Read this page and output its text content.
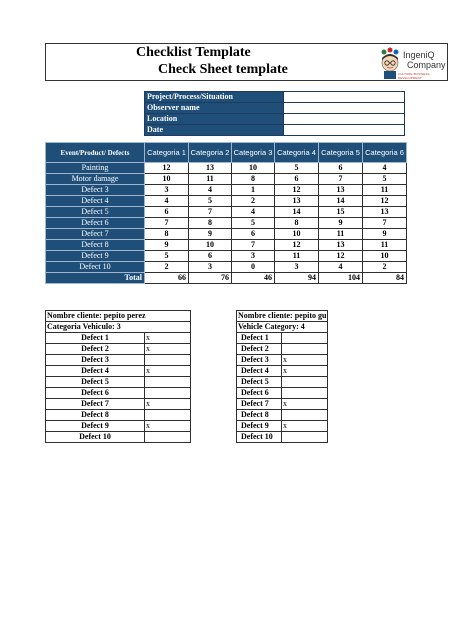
Checklist Template
Check Sheet template
IngeniQ
Company
CULTURE BUSINESS DEVELOPMENT
Project/Process/Situation	
Observer name	
Location	
Date	
Event/Product/ Defects	Categoria 1	Categoria 2	Categoria 3	Categoria 4	Categoria 5	Categoria 6
Painting	12	13	10	5	6	4
Motor damage	10	11	8	6	7	5
Defect 3	3	4	1	12	13	11
Defect 4	4	5	2	13	14	12
Defect 5	6	7	4	14	15	13
Defect 6	7	8	5	8	9	7
Defect 7	8	9	6	10	11	9
Defect 8	9	10	7	12	13	11
Defect 9	5	6	3	11	12	10
Defect 10	2	3	0	3	4	2
Total	66	76	46	94	104	84
Nombre cliente: pepito perez	
Categoria Vehiculo: 3	
Defect 1	x
Defect 2	x
Defect 3	
Defect 4	x
Defect 5	
Defect 6	
Defect 7	x
Defect 8	
Defect 9	x
Defect 10	
Nombre cliente: pepito gu	
Vehicle Category: 4	
Defect 1	
Defect 2	
Defect 3	x
Defect 4	x
Defect 5	
Defect 6	
Defect 7	x
Defect 8	
Defect 9	x
Defect 10	
